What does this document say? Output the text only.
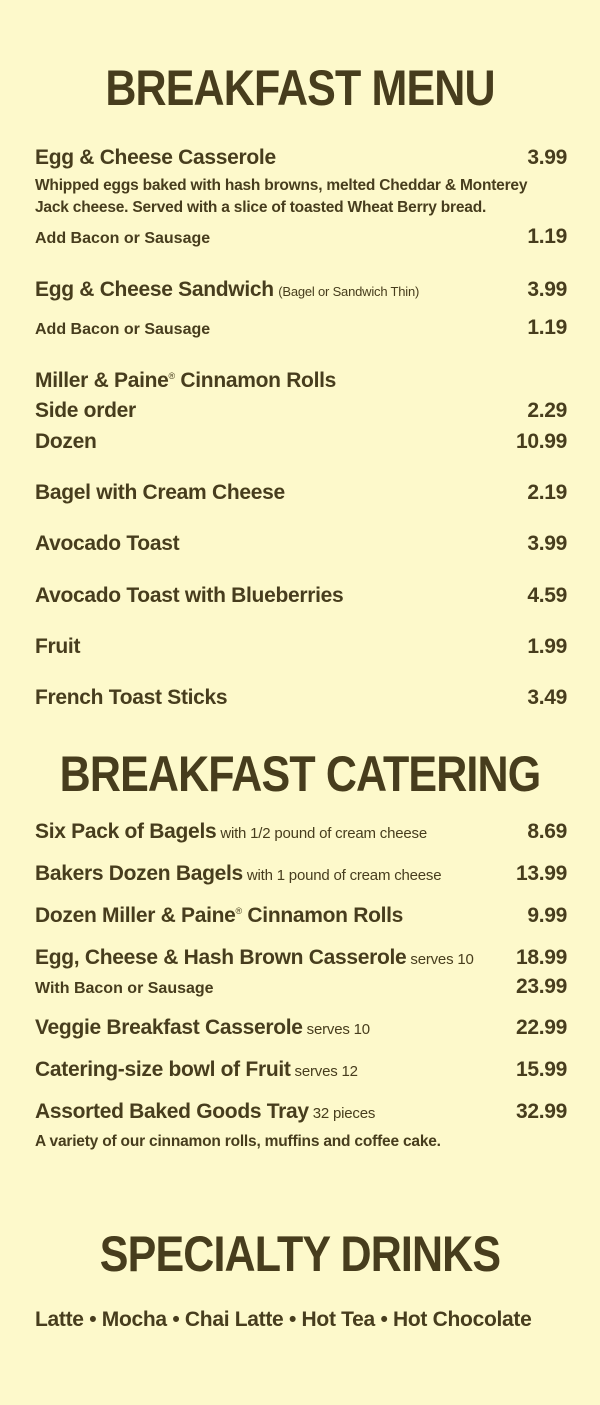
BREAKFAST MENU
Egg & Cheese Casserole	3.99
Whipped eggs baked with hash browns, melted Cheddar & Monterey
Jack cheese. Served with a slice of toasted Wheat Berry bread.
Add Bacon or Sausage	1.19
Egg & Cheese Sandwich (Bagel or Sandwich Thin)	3.99
Add Bacon or Sausage	1.19
Miller & Paine® Cinnamon Rolls
Side order	2.29
Dozen	10.99
Bagel with Cream Cheese	2.19
Avocado Toast	3.99
Avocado Toast with Blueberries	4.59
Fruit	1.99
French Toast Sticks	3.49
BREAKFAST CATERING
Six Pack of Bagels with 1/2 pound of cream cheese	8.69
Bakers Dozen Bagels with 1 pound of cream cheese	13.99
Dozen Miller & Paine® Cinnamon Rolls	9.99
Egg, Cheese & Hash Brown Casserole serves 10 18.99
With Bacon or Sausage	23.99
Veggie Breakfast Casserole serves 10	22.99
Catering-size bowl of Fruit serves 12	15.99
Assorted Baked Goods Tray 32 pieces	32.99
A variety of our cinnamon rolls, muffins and coffee cake.
SPECIALTY DRINKS
Latte • Mocha • Chai Latte • Hot Tea • Hot Chocolate
